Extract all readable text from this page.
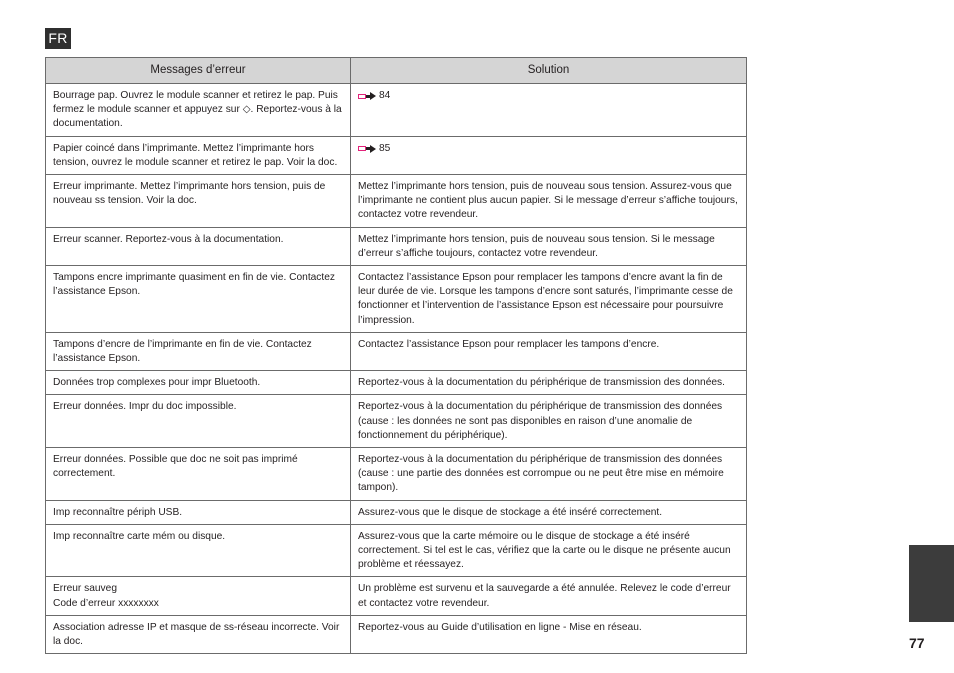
FR
Messages d’erreur	Solution
Bourrage pap. Ouvrez le module scanner et retirez le pap. Puis fermez le module scanner et appuyez sur ◇. Reportez-vous à la documentation.	84

Papier coincé dans l’imprimante. Mettez l’imprimante hors tension, ouvrez le module scanner et retirez le pap. Voir la doc.	85

Erreur imprimante. Mettez l’imprimante hors tension, puis de nouveau ss tension. Voir la doc.	Mettez l’imprimante hors tension, puis de nouveau sous tension. Assurez-vous que l’imprimante ne contient plus aucun papier. Si le message d’erreur s’affiche toujours, contactez votre revendeur.
Erreur scanner. Reportez-vous à la documentation.	Mettez l’imprimante hors tension, puis de nouveau sous tension. Si le message d’erreur s’affiche toujours, contactez votre revendeur.
Tampons encre imprimante quasiment en fin de vie. Contactez l’assistance Epson.	Contactez l’assistance Epson pour remplacer les tampons d’encre avant la fin de leur durée de vie. Lorsque les tampons d’encre sont saturés, l’imprimante cesse de fonctionner et l’intervention de l’assistance Epson est nécessaire pour poursuivre l’impression.
Tampons d’encre de l’imprimante en fin de vie. Contactez l’assistance Epson.	Contactez l’assistance Epson pour remplacer les tampons d’encre.
Données trop complexes pour impr Bluetooth.	Reportez-vous à la documentation du périphérique de transmission des données.
Erreur données. Impr du doc impossible.	Reportez-vous à la documentation du périphérique de transmission des données (cause : les données ne sont pas disponibles en raison d’une anomalie de fonctionnement du périphérique).
Erreur données. Possible que doc ne soit pas imprimé correctement.	Reportez-vous à la documentation du périphérique de transmission des données (cause : une partie des données est corrompue ou ne peut être mise en mémoire tampon).
Imp reconnaître périph USB.	Assurez-vous que le disque de stockage a été inséré correctement.
Imp reconnaître carte mém ou disque.	Assurez-vous que la carte mémoire ou le disque de stockage a été inséré correctement. Si tel est le cas, vérifiez que la carte ou le disque ne présente aucun problème et réessayez.

Erreur sauveg
Code d’erreur xxxxxxxx	Un problème est survenu et la sauvegarde a été annulée. Relevez le code d’erreur et contactez votre revendeur.
Association adresse IP et masque de ss-réseau incorrecte. Voir la doc.	Reportez-vous au Guide d’utilisation en ligne - Mise en réseau.
77
